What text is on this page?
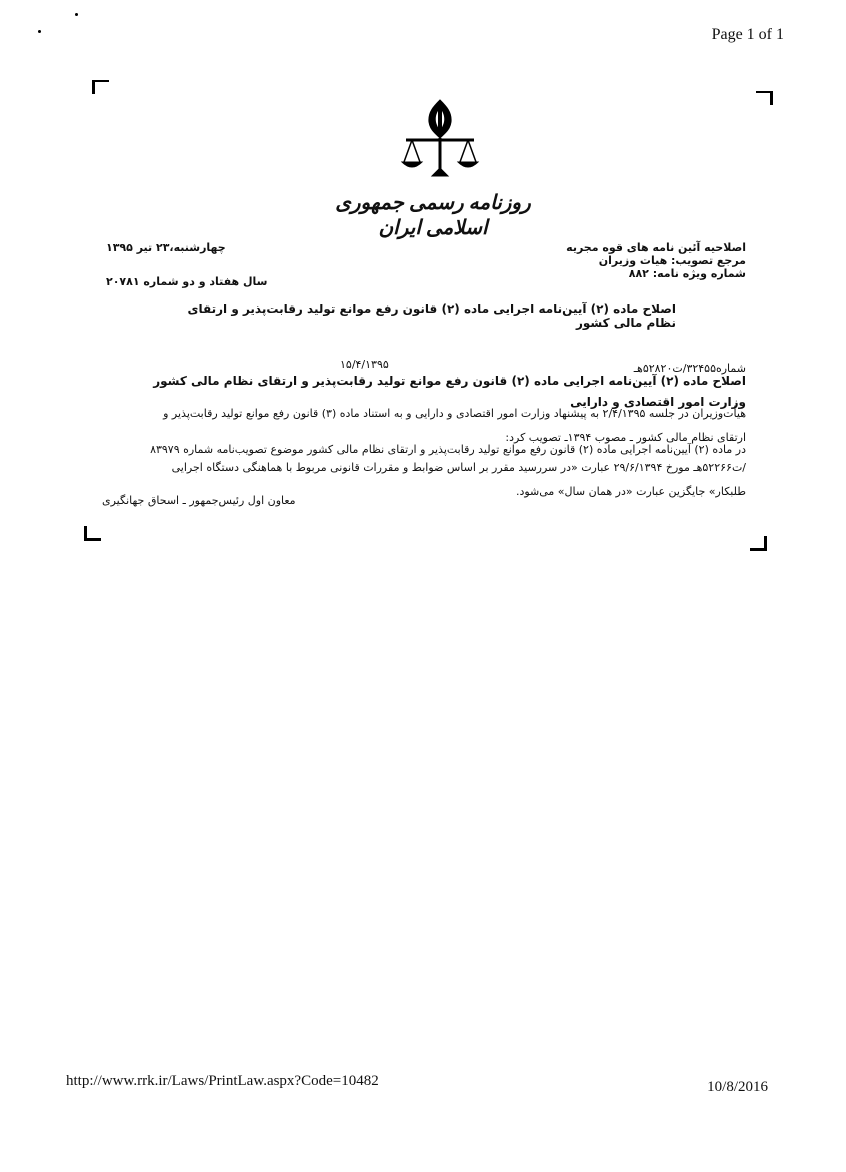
Page 1 of 1
http://www.rrk.ir/Laws/PrintLaw.aspx?Code=10482	10/8/2016
روزنامه رسمی جمهوری اسلامی ایران
اصلاحیه آئین نامه های قوه مجریه
مرجع تصویب: هیات وزیران
شماره ویژه نامه: ۸۸۲
چهارشنبه،۲۳ تیر ۱۳۹۵
سال هفتاد و دو شماره ۲۰۷۸۱
اصلاح ماده (۲) آیین‌نامه اجرایی ماده (۲) قانون رفع موانع تولید رقابت‌پذیر و ارتقای نظام مالی کشور
۱۵/۴/۱۳۹۵	شماره۳۲۴۵۵/ت۵۲۸۲۰هـ
اصلاح ماده (۲) آیین‌نامه اجرایی ماده (۲) قانون رفع موانع تولید رقابت‌پذیر و ارتقای نظام مالی کشور
وزارت امور اقتصادی و دارایی
هیأت‌وزیران در جلسه ۲/۴/۱۳۹۵ به پیشنهاد وزارت امور اقتصادی و دارایی و به استناد ماده (۳) قانون رفع موانع تولید رقابت‌پذیر و
ارتقای نظام مالی کشور ـ مصوب ۱۳۹۴ـ تصویب کرد:
در ماده (۲) آیین‌نامه اجرایی ماده (۲) قانون رفع موانع تولید رقابت‌پذیر و ارتقای نظام مالی کشور موضوع تصویب‌نامه شماره ۸۳۹۷۹
/ت۵۲۲۶۶هـ مورخ ۲۹/۶/۱۳۹۴ عبارت «در سررسید مقرر بر اساس ضوابط و مقررات قانونی مربوط با هماهنگی دستگاه اجرایی
طلبکار» جایگزین عبارت «در همان سال» می‌شود.
معاون اول رئیس‌جمهور ـ اسحاق جهانگیری
